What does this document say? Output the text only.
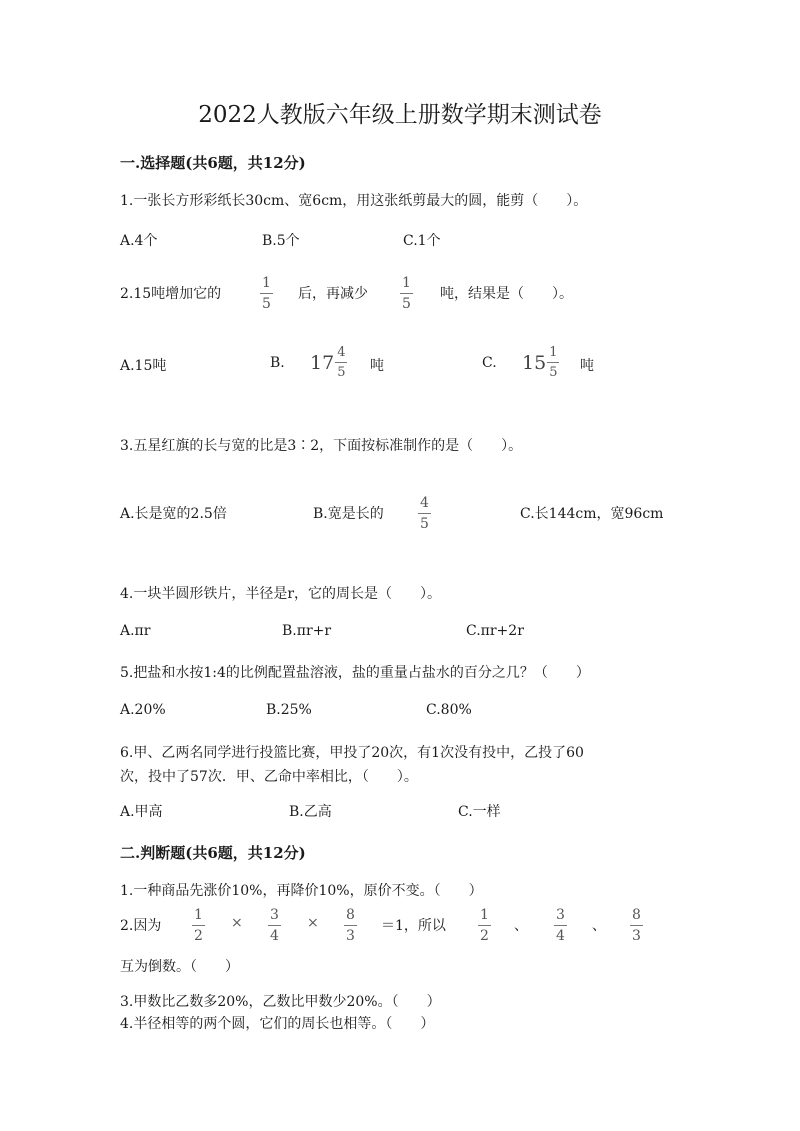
2022人教版六年级上册数学期末测试卷
一.选择题(共6题，共12分)
1.一张长方形彩纸长30cm、宽6cm，用这张纸剪最大的圆，能剪（　　）。
A.4个	B.5个	C.1个
2.15吨增加它的	$\frac{1}{5}$ 后，再减少 $\frac{1}{5}$ 吨，结果是（　　）。
A.15吨	B. $17 \frac{4}{5}$ 吨	C. $15 \frac{1}{5}$ 吨
3.五星红旗的长与宽的比是3∶2，下面按标准制作的是（　　）。
A.长是宽的2.5倍	B.宽是长的 $\frac{4}{5}$	C.长144cm，宽96cm
4.一块半圆形铁片，半径是r，它的周长是（　　）。
A.πr	B.πr+r	C.πr+2r
5.把盐和水按1:4的比例配置盐溶液，盐的重量占盐水的百分之几？（　　）
A.20%	B.25%	C.80%
6.甲、乙两名同学进行投篮比赛，甲投了20次，有1次没有投中，乙投了60
次，投中了57次．甲、乙命中率相比，（　　）。
A.甲高	B.乙高	C.一样
二.判断题(共6题，共12分)
1.一种商品先涨价10%，再降价10%，原价不变。（　　）
2.因为 $\frac{1}{2} \times \frac{3}{4} \times \frac{8}{3} =1$，所以 $\frac{1}{2}$ 、 $\frac{3}{4}$ 、 $\frac{8}{3}$
互为倒数。（　　）
3.甲数比乙数多20%，乙数比甲数少20%。（　　）
4.半径相等的两个圆，它们的周长也相等。（　　）
